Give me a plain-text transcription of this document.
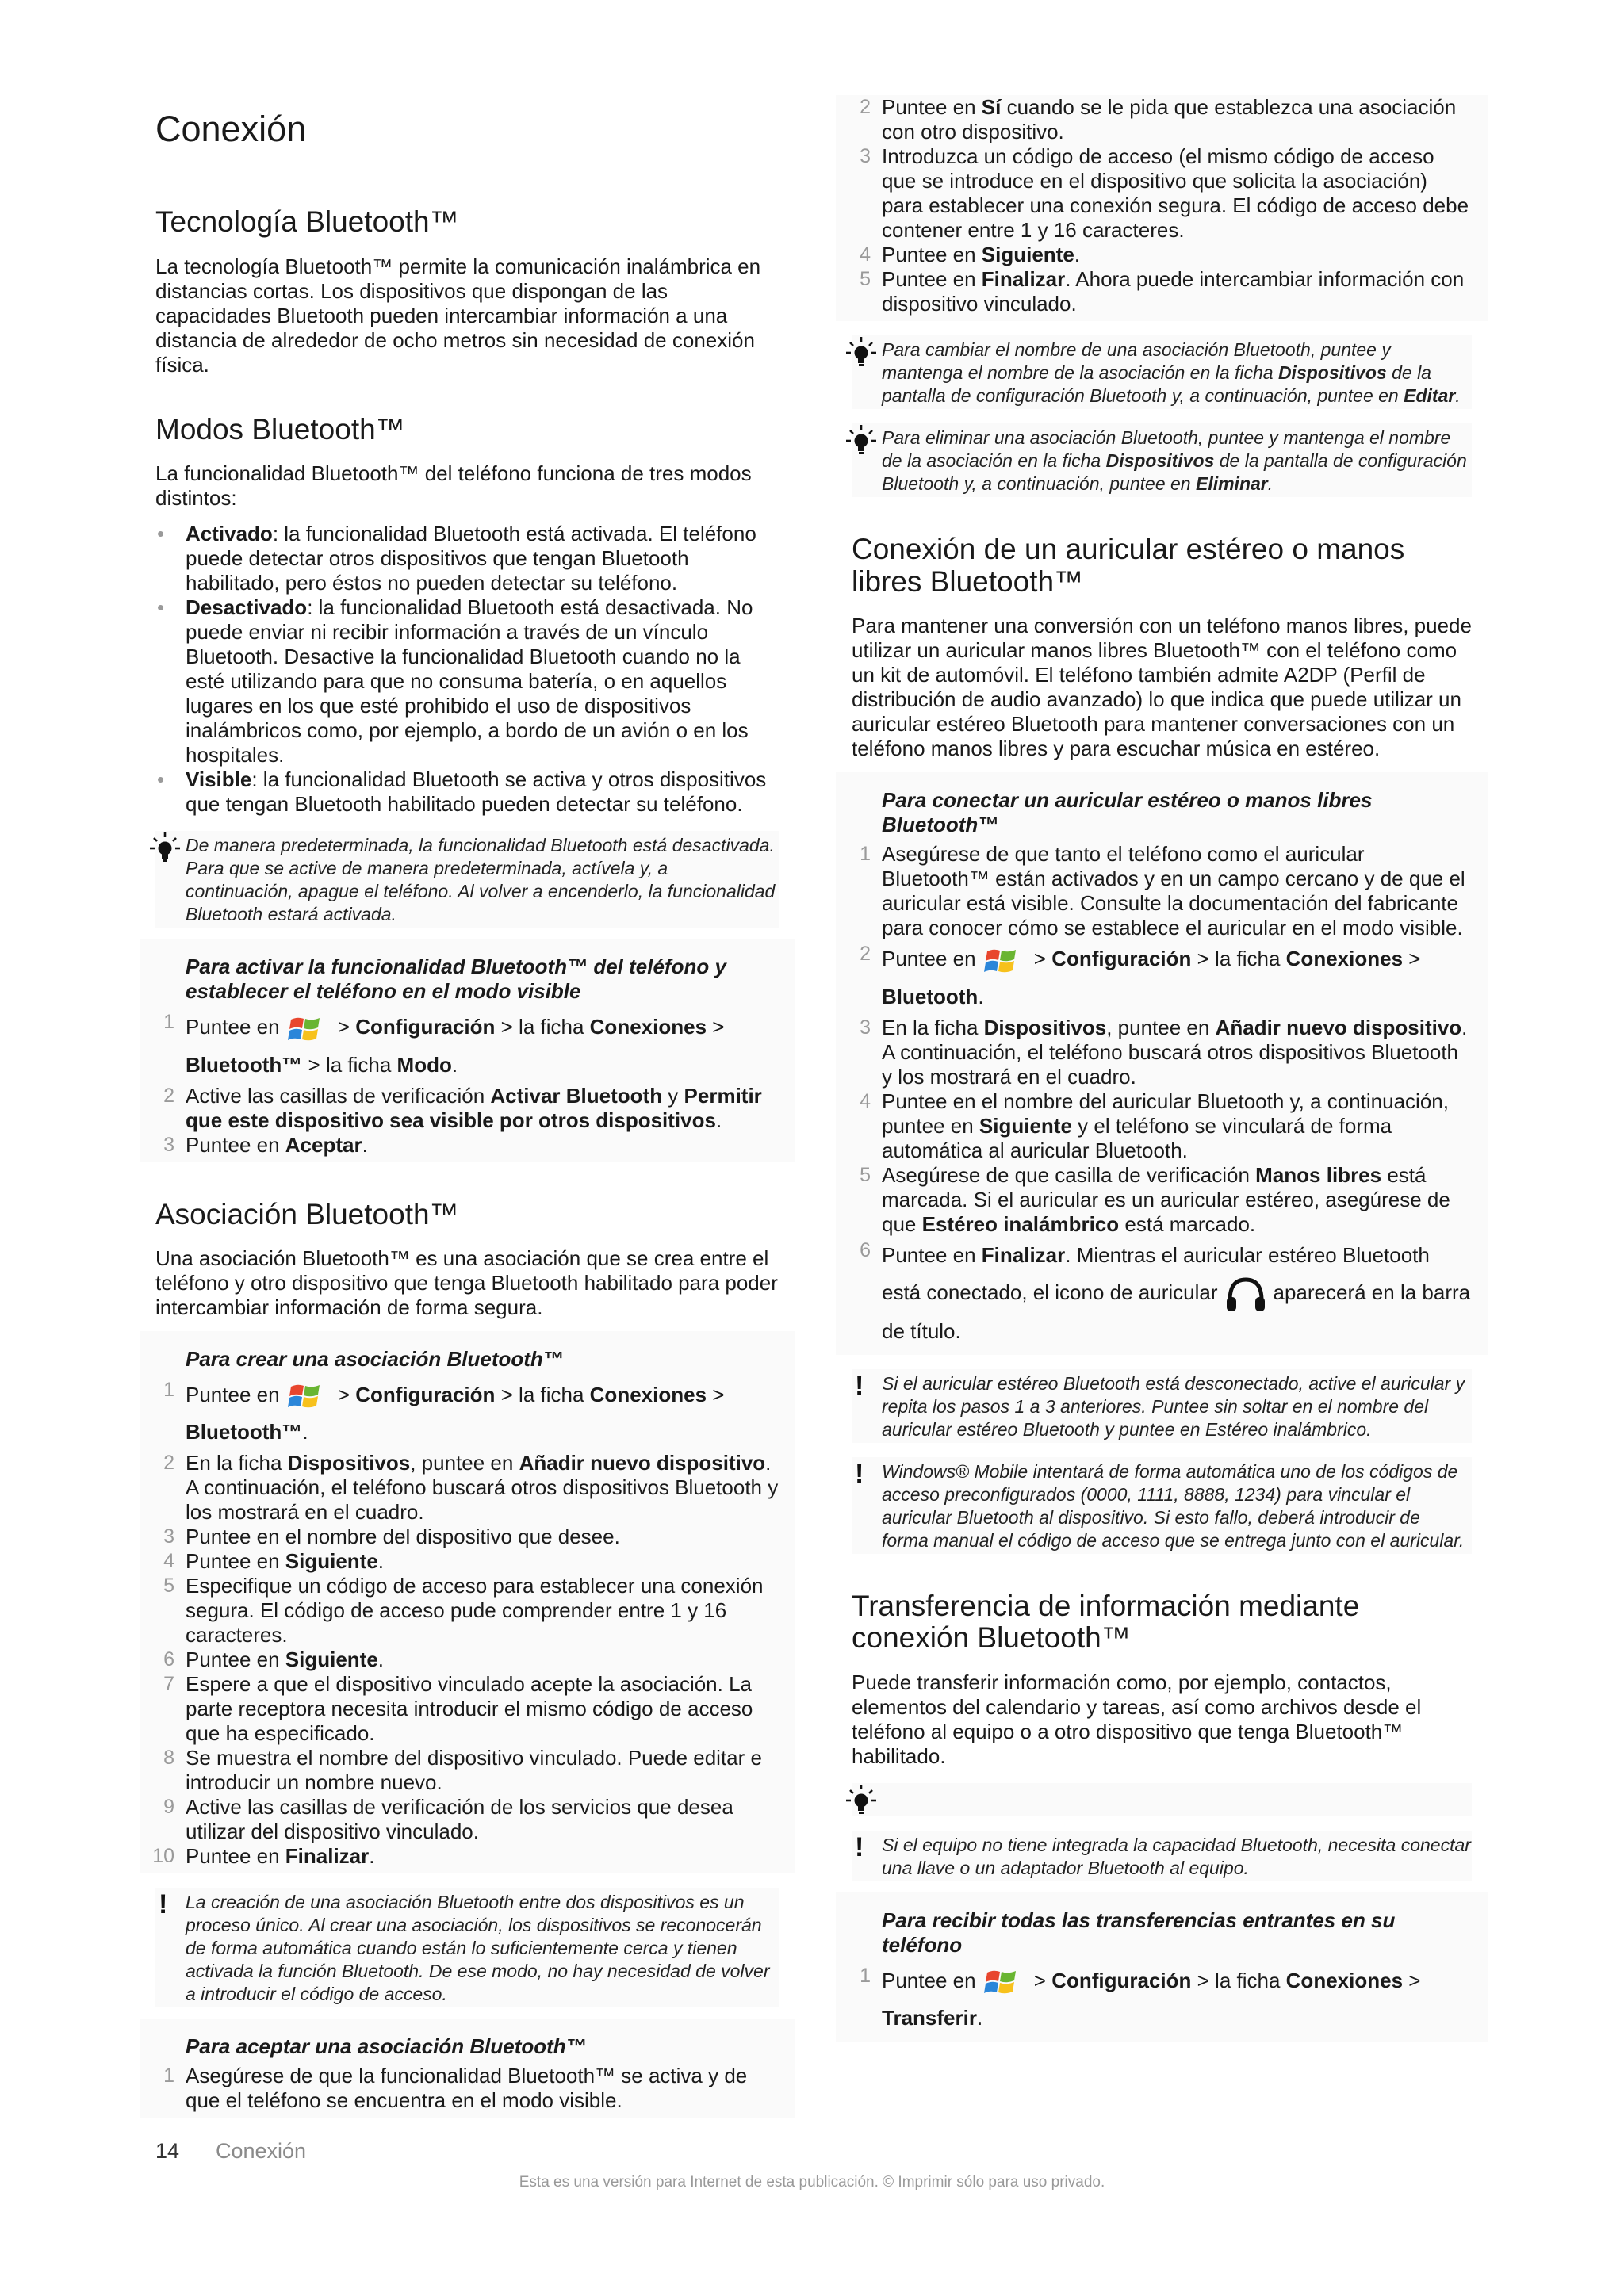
Conexión
Tecnología Bluetooth™

La tecnología Bluetooth™ permite la comunicación inalámbrica en distancias cortas. Los dispositivos que dispongan de las capacidades Bluetooth pueden intercambiar información a una distancia de alrededor de ocho metros sin necesidad de conexión física.

Modos Bluetooth™

La funcionalidad Bluetooth™ del teléfono funciona de tres modos distintos:

• Activado: la funcionalidad Bluetooth está activada. El teléfono puede detectar otros dispositivos que tengan Bluetooth habilitado, pero éstos no pueden detectar su teléfono.
• Desactivado: la funcionalidad Bluetooth está desactivada. No puede enviar ni recibir información a través de un vínculo Bluetooth. Desactive la funcionalidad Bluetooth cuando no la esté utilizando para que no consuma batería, o en aquellos lugares en los que esté prohibido el uso de dispositivos inalámbricos como, por ejemplo, a bordo de un avión o en los hospitales.
• Visible: la funcionalidad Bluetooth se activa y otros dispositivos que tengan Bluetooth habilitado pueden detectar su teléfono.

De manera predeterminada, la funcionalidad Bluetooth está desactivada. Para que se active de manera predeterminada, actívela y, a continuación, apague el teléfono. Al volver a encenderlo, la funcionalidad Bluetooth estará activada.

Para activar la funcionalidad Bluetooth™ del teléfono y establecer el teléfono en el modo visible
1 Puntee en	> Configuración > la ficha Conexiones >
Bluetooth™ > la ficha Modo.
2 Active las casillas de verificación Activar Bluetooth y Permitir que este dispositivo sea visible por otros dispositivos.
3 Puntee en Aceptar.
Asociación Bluetooth™

Una asociación Bluetooth™ es una asociación que se crea entre el teléfono y otro dispositivo que tenga Bluetooth habilitado para poder intercambiar información de forma segura.

Para crear una asociación Bluetooth™
1 Puntee en	> Configuración > la ficha Conexiones >
Bluetooth™.
2 En la ficha Dispositivos, puntee en Añadir nuevo dispositivo. A continuación, el teléfono buscará otros dispositivos Bluetooth y los mostrará en el cuadro.
3 Puntee en el nombre del dispositivo que desee.
4 Puntee en Siguiente.
5 Especifique un código de acceso para establecer una conexión segura. El código de acceso pude comprender entre 1 y 16 caracteres.
6 Puntee en Siguiente.
7 Espere a que el dispositivo vinculado acepte la asociación. La parte receptora necesita introducir el mismo código de acceso que ha especificado.
8 Se muestra el nombre del dispositivo vinculado. Puede editar e introducir un nombre nuevo.
9 Active las casillas de verificación de los servicios que desea utilizar del dispositivo vinculado.
10 Puntee en Finalizar.
! La creación de una asociación Bluetooth entre dos dispositivos es un proceso único. Al crear una asociación, los dispositivos se reconocerán de forma automática cuando están lo suficientemente cerca y tienen activada la función Bluetooth. De ese modo, no hay necesidad de volver a introducir el código de acceso.

Para aceptar una asociación Bluetooth™
1 Asegúrese de que la funcionalidad Bluetooth™ se activa y de que el teléfono se encuentra en el modo visible.
2 Puntee en Sí cuando se le pida que establezca una asociación con otro dispositivo.
3 Introduzca un código de acceso (el mismo código de acceso que se introduce en el dispositivo que solicita la asociación) para establecer una conexión segura. El código de acceso debe contener entre 1 y 16 caracteres.
4 Puntee en Siguiente.
5 Puntee en Finalizar. Ahora puede intercambiar información con dispositivo vinculado.

Para cambiar el nombre de una asociación Bluetooth, puntee y mantenga el nombre de la asociación en la ficha Dispositivos de la pantalla de configuración Bluetooth y, a continuación, puntee en Editar.

Para eliminar una asociación Bluetooth, puntee y mantenga el nombre de la asociación en la ficha Dispositivos de la pantalla de configuración Bluetooth y, a continuación, puntee en Eliminar.

Conexión de un auricular estéreo o manos libres Bluetooth™

Para mantener una conversión con un teléfono manos libres, puede utilizar un auricular manos libres Bluetooth™ con el teléfono como un kit de automóvil. El teléfono también admite A2DP (Perfil de distribución de audio avanzado) lo que indica que puede utilizar un auricular estéreo Bluetooth para mantener conversaciones con un teléfono manos libres y para escuchar música en estéreo.

Para conectar un auricular estéreo o manos libres Bluetooth™
1 Asegúrese de que tanto el teléfono como el auricular Bluetooth™ están activados y en un campo cercano y de que el auricular está visible. Consulte la documentación del fabricante para conocer cómo se establece el auricular en el modo visible.
2 Puntee en	> Configuración > la ficha Conexiones >
Bluetooth.
3 En la ficha Dispositivos, puntee en Añadir nuevo dispositivo. A continuación, el teléfono buscará otros dispositivos Bluetooth y los mostrará en el cuadro.
4 Puntee en el nombre del auricular Bluetooth y, a continuación, puntee en Siguiente y el teléfono se vinculará de forma automática al auricular Bluetooth.
5 Asegúrese de que casilla de verificación Manos libres está marcada. Si el auricular es un auricular estéreo, asegúrese de que Estéreo inalámbrico está marcado.
6 Puntee en Finalizar. Mientras el auricular estéreo Bluetooth está conectado, el icono de auricular	aparecerá en la barra de título.
! Si el auricular estéreo Bluetooth está desconectado, active el auricular y repita los pasos 1 a 3 anteriores. Puntee sin soltar en el nombre del auricular estéreo Bluetooth y puntee en Estéreo inalámbrico.

! Windows® Mobile intentará de forma automática uno de los códigos de acceso preconfigurados (0000, 1111, 8888, 1234) para vincular el auricular Bluetooth al dispositivo. Si esto fallo, deberá introducir de forma manual el código de acceso que se entrega junto con el auricular.

Transferencia de información mediante conexión Bluetooth™

Puede transferir información como, por ejemplo, contactos, elementos del calendario y tareas, así como archivos desde el teléfono al equipo o a otro dispositivo que tenga Bluetooth™ habilitado.

! Si el equipo no tiene integrada la capacidad Bluetooth, necesita conectar una llave o un adaptador Bluetooth al equipo.

Para recibir todas las transferencias entrantes en su teléfono
1 Puntee en	> Configuración > la ficha Conexiones >
Transferir.
14 Conexión
Esta es una versión para Internet de esta publicación. © Imprimir sólo para uso privado.
